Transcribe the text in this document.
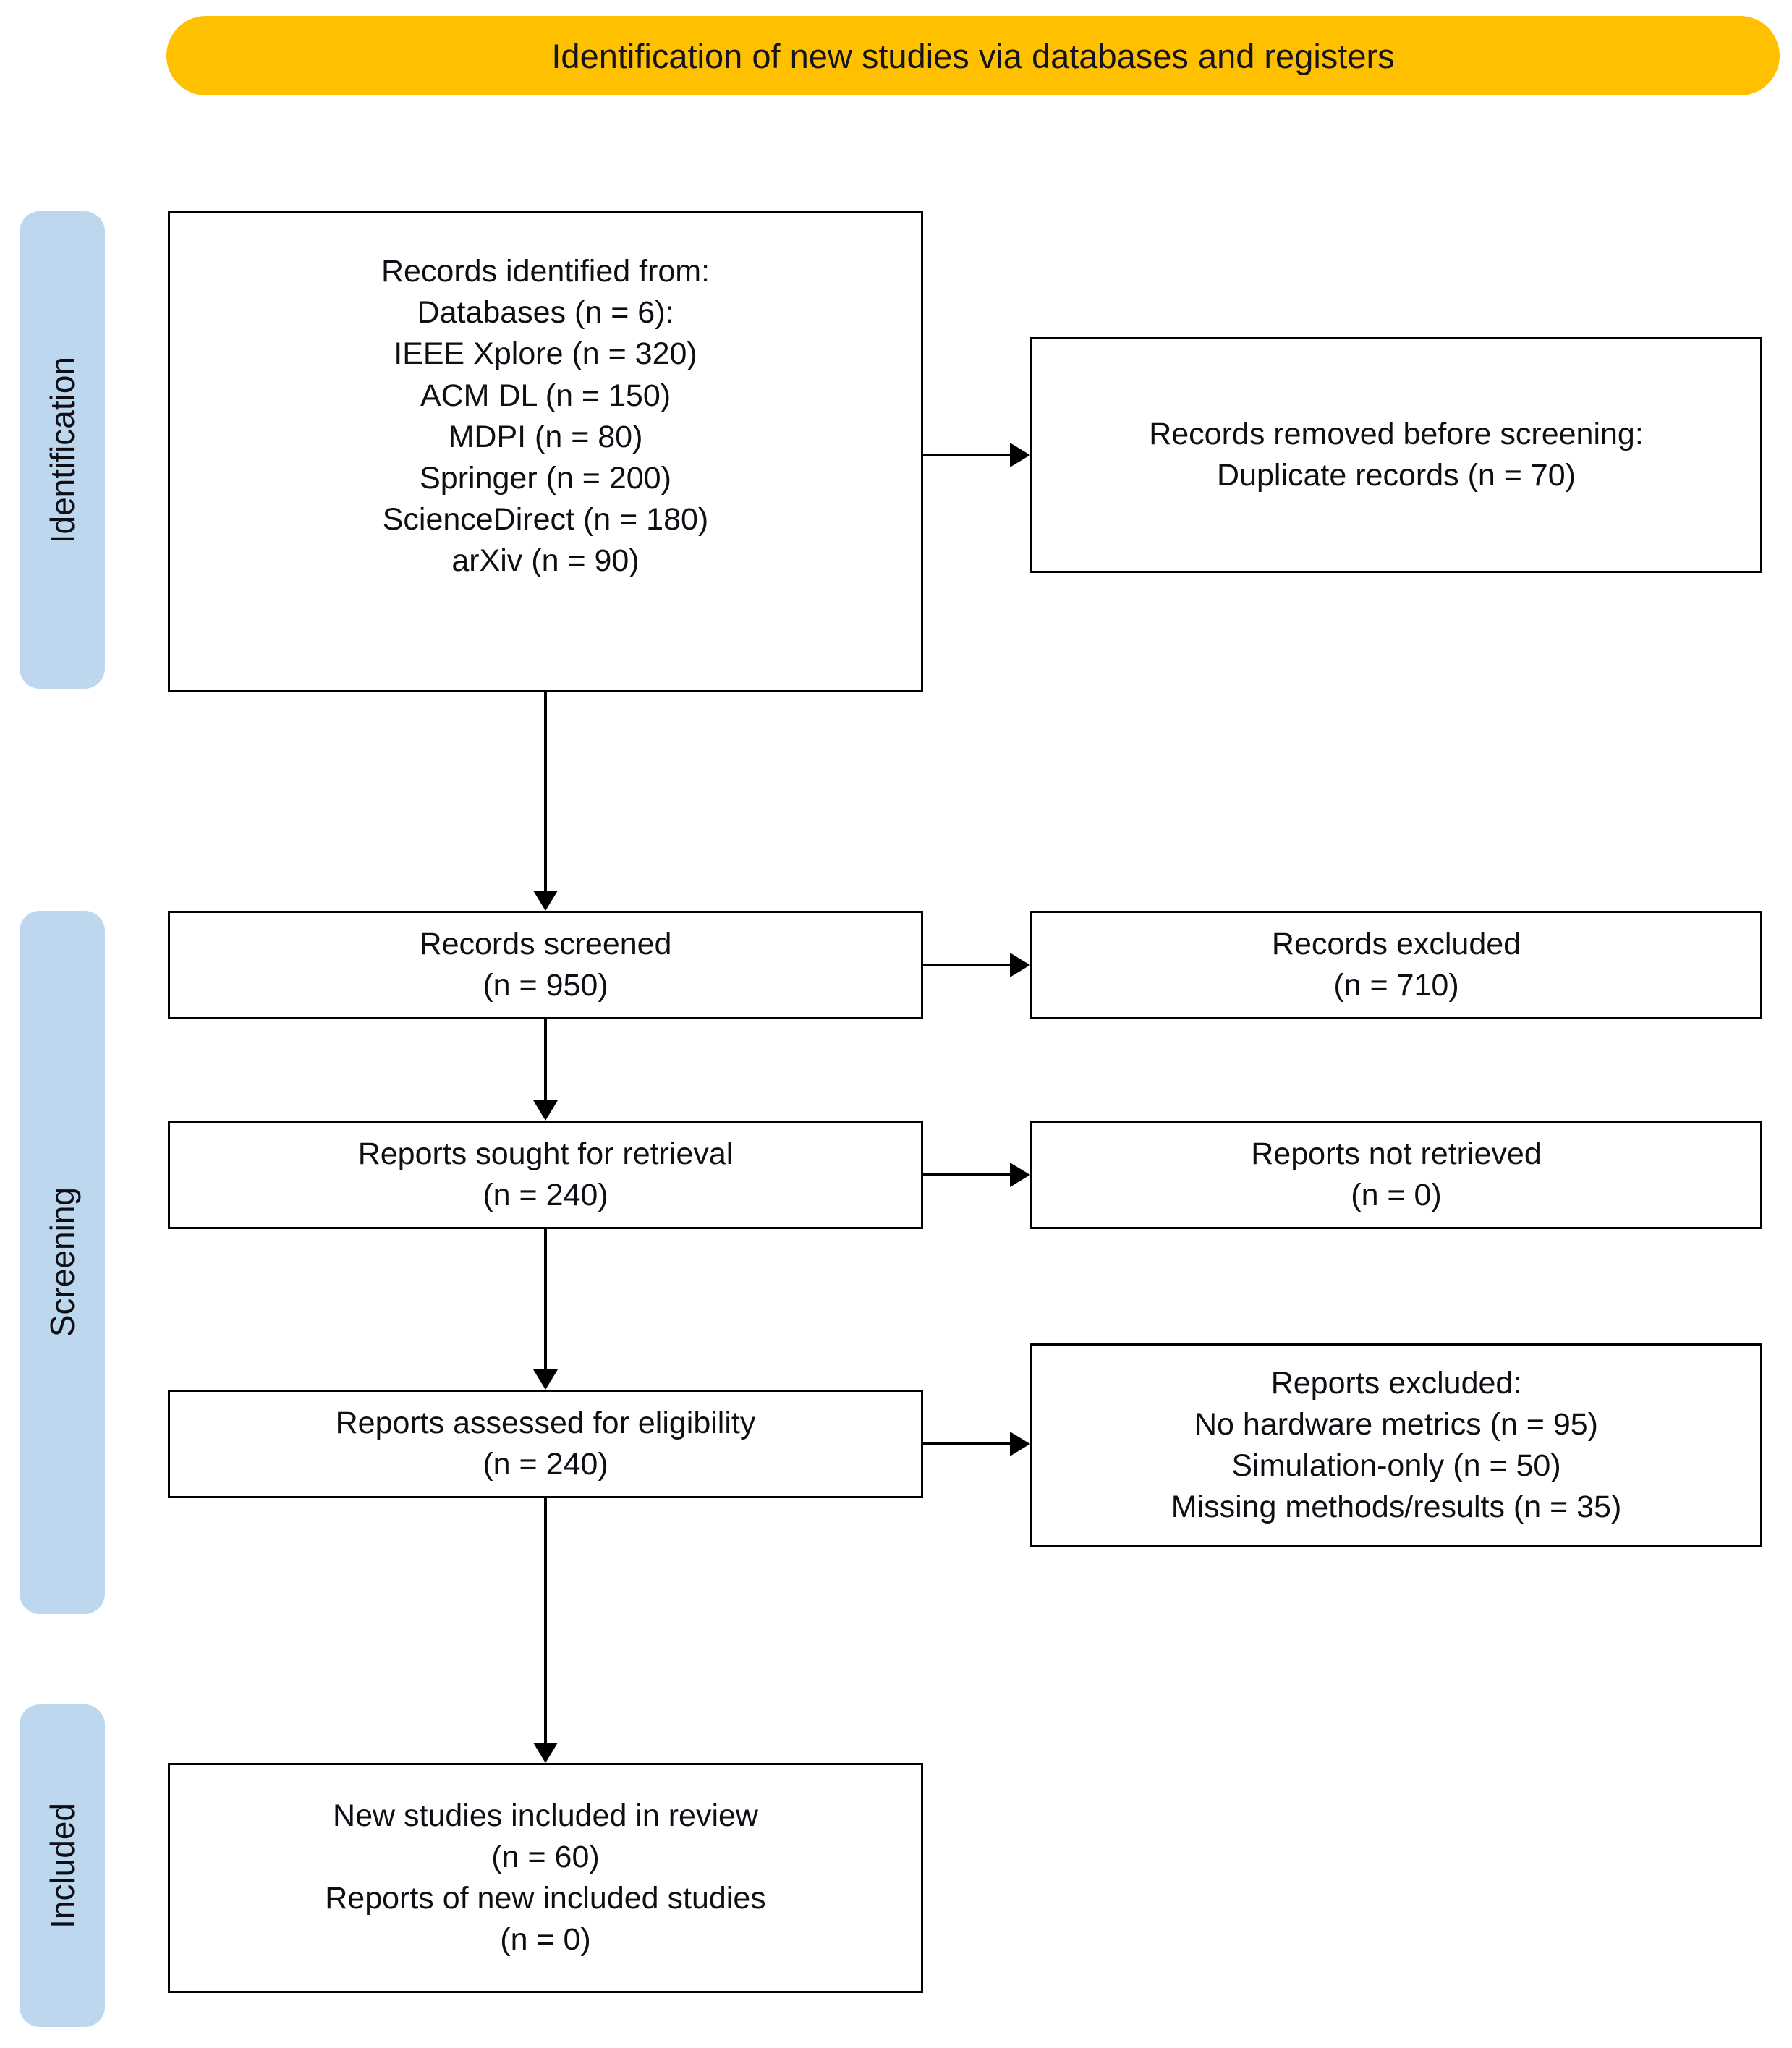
Identification of new studies via databases and registers
Identification
Screening
Included
Records identified from:
Databases (n = 6):
IEEE Xplore (n = 320)
ACM DL (n = 150)
MDPI (n = 80)
Springer (n = 200)
ScienceDirect (n = 180)
arXiv (n = 90)
Records screened
(n = 950)
Reports sought for retrieval
(n = 240)
Reports assessed for eligibility
(n = 240)
New studies included in review
(n = 60)
Reports of new included studies
(n = 0)
Records removed before screening:
Duplicate records (n = 70)
Records excluded
(n = 710)
Reports not retrieved
(n = 0)
Reports excluded:
No hardware metrics (n = 95)
Simulation-only (n = 50)
Missing methods/results (n = 35)
